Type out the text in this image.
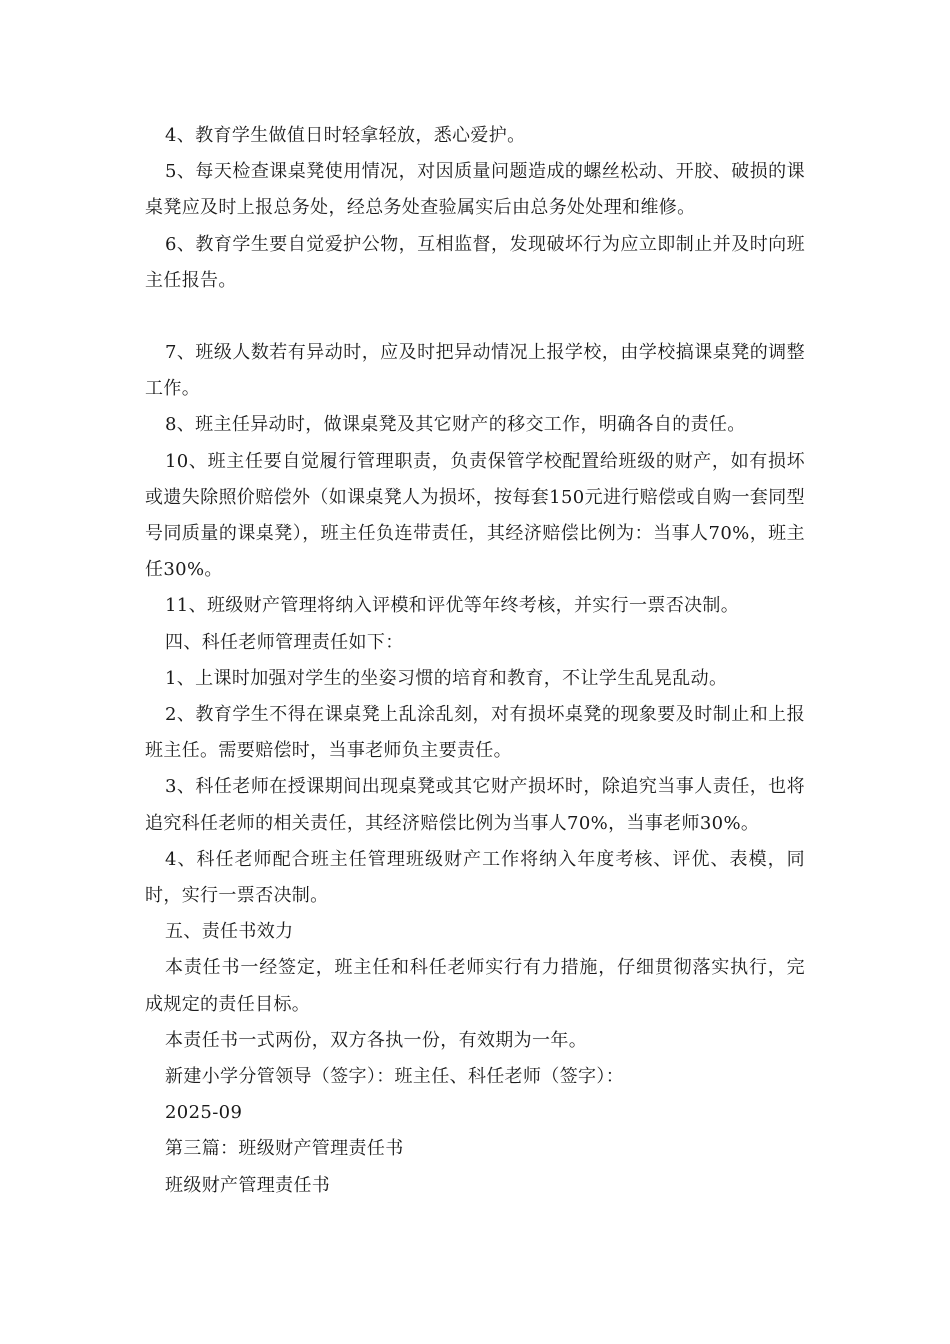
4、教育学生做值日时轻拿轻放，悉心爱护。

5、每天检查课桌凳使用情况，对因质量问题造成的螺丝松动、开胶、破损的课桌凳应及时上报总务处，经总务处查验属实后由总务处处理和维修。

6、教育学生要自觉爱护公物，互相监督，发现破坏行为应立即制止并及时向班主任报告。

7、班级人数若有异动时，应及时把异动情况上报学校，由学校搞课桌凳的调整工作。

8、班主任异动时，做课桌凳及其它财产的移交工作，明确各自的责任。

10、班主任要自觉履行管理职责，负责保管学校配置给班级的财产，如有损坏或遗失除照价赔偿外（如课桌凳人为损坏，按每套150元进行赔偿或自购一套同型号同质量的课桌凳），班主任负连带责任，其经济赔偿比例为：当事人70%，班主任30%。

11、班级财产管理将纳入评模和评优等年终考核，并实行一票否决制。

四、科任老师管理责任如下：

1、上课时加强对学生的坐姿习惯的培育和教育，不让学生乱晃乱动。

2、教育学生不得在课桌凳上乱涂乱刻，对有损坏桌凳的现象要及时制止和上报班主任。需要赔偿时，当事老师负主要责任。

3、科任老师在授课期间出现桌凳或其它财产损坏时，除追究当事人责任，也将追究科任老师的相关责任，其经济赔偿比例为当事人70%，当事老师30%。

4、科任老师配合班主任管理班级财产工作将纳入年度考核、评优、表模，同时，实行一票否决制。

五、责任书效力

本责任书一经签定，班主任和科任老师实行有力措施，仔细贯彻落实执行，完成规定的责任目标。

本责任书一式两份，双方各执一份，有效期为一年。

新建小学分管领导（签字）：班主任、科任老师（签字）：

2025-09

第三篇：班级财产管理责任书

班级财产管理责任书
